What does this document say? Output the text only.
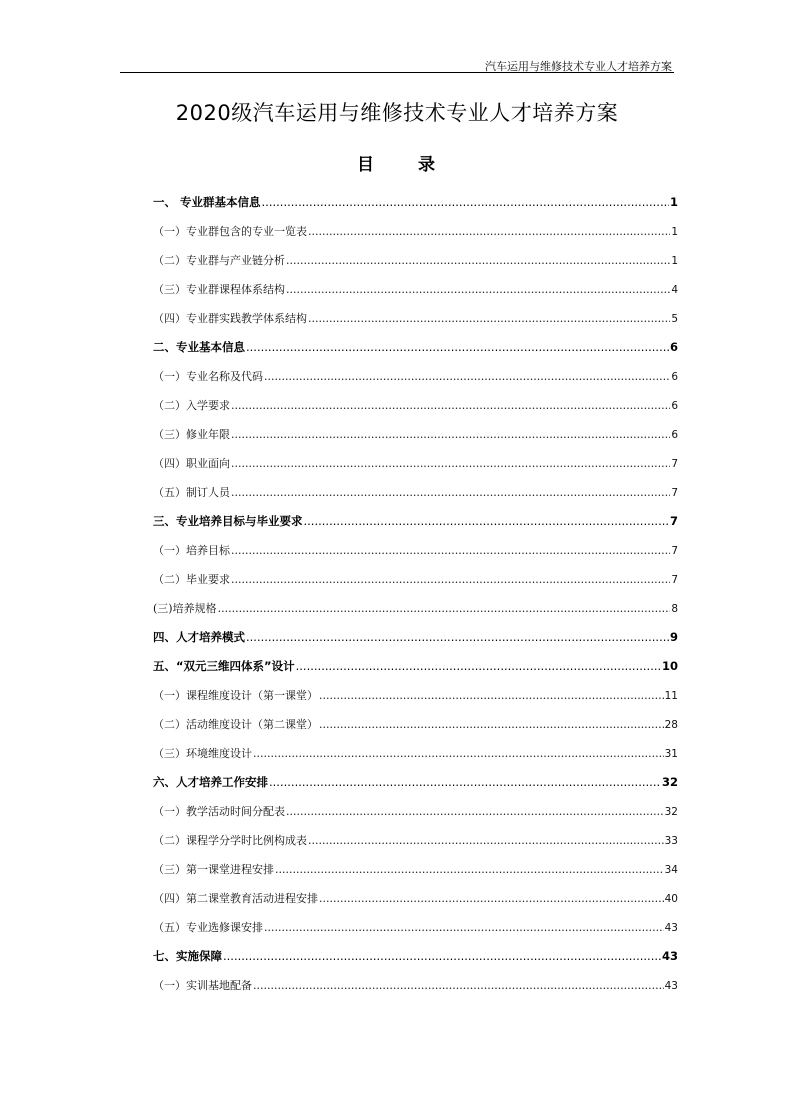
汽车运用与维修技术专业人才培养方案
2020级汽车运用与维修技术专业人才培养方案
目 录
一、 专业群基本信息 .....	1
（一）专业群包含的专业一览表 .....	1
（二）专业群与产业链分析 .....	1
（三）专业群课程体系结构 .....	4
（四）专业群实践教学体系结构 .....	5
二、专业基本信息 .....	6
（一）专业名称及代码 .....	6
（二）入学要求 .....	6
（三）修业年限 .....	6
（四）职业面向 .....	7
（五）制订人员 .....	7
三、专业培养目标与毕业要求 .....	7
（一）培养目标 .....	7
（二）毕业要求 .....	7
(三)培养规格 .....	8
四、人才培养模式 .....	9
五、“双元三维四体系”设计 .....	10
（一）课程维度设计（第一课堂） .....	11
（二）活动维度设计（第二课堂） .....	28
（三）环境维度设计 .....	31
六、人才培养工作安排 .....	32
（一）教学活动时间分配表 .....	32
（二）课程学分学时比例构成表 .....	33
（三）第一课堂进程安排 .....	34
（四）第二课堂教育活动进程安排 .....	40
（五）专业选修课安排 .....	43
七、实施保障 .....	43
（一）实训基地配备 .....	43
